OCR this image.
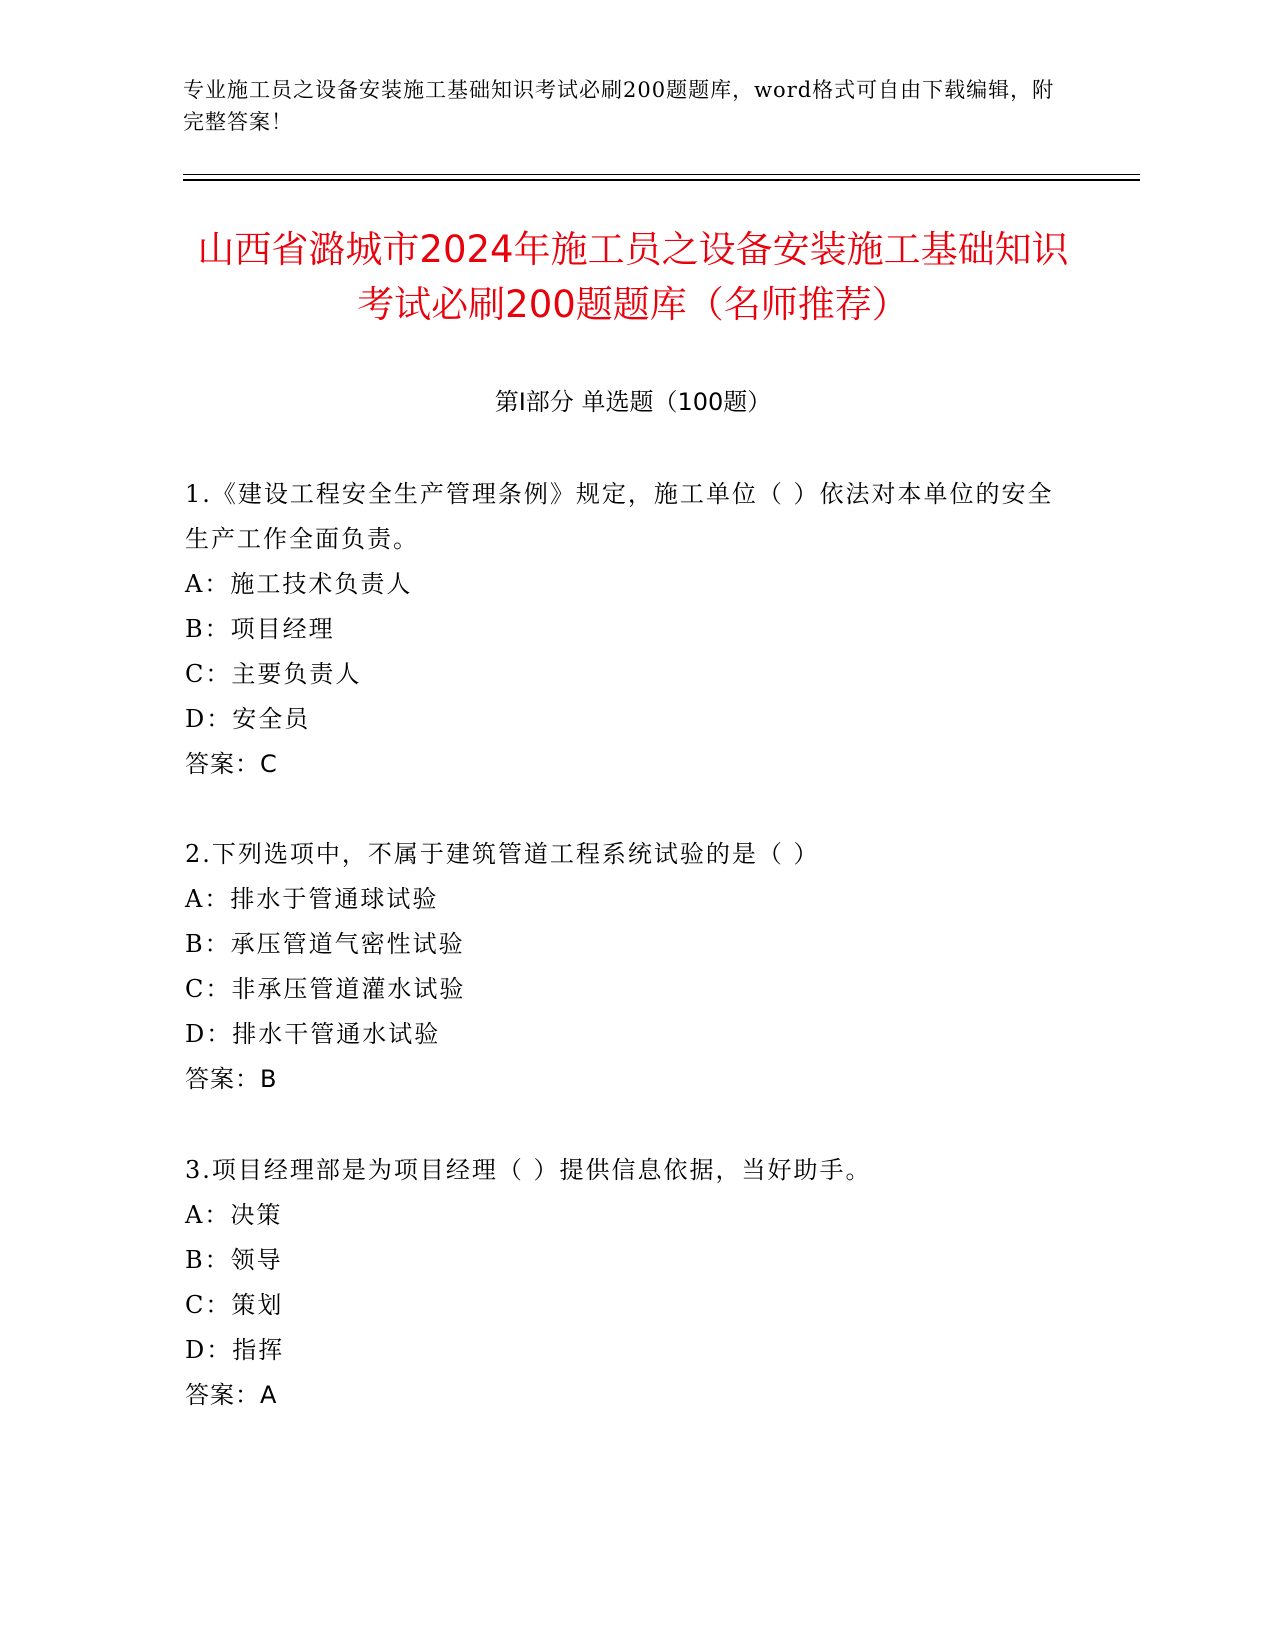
专业施工员之设备安装施工基础知识考试必刷200题题库，word格式可自由下载编辑，附完整答案！
山西省潞城市2024年施工员之设备安装施工基础知识考试必刷200题题库（名师推荐）
第I部分 单选题（100题）
1.《建设工程安全生产管理条例》规定，施工单位（ ）依法对本单位的安全生产工作全面负责。
A：施工技术负责人
B：项目经理
C：主要负责人
D：安全员
答案：C
2.下列选项中，不属于建筑管道工程系统试验的是（ ）
A：排水于管通球试验
B：承压管道气密性试验
C：非承压管道灌水试验
D：排水干管通水试验
答案：B
3.项目经理部是为项目经理（ ）提供信息依据，当好助手。
A：决策
B：领导
C：策划
D：指挥
答案：A
